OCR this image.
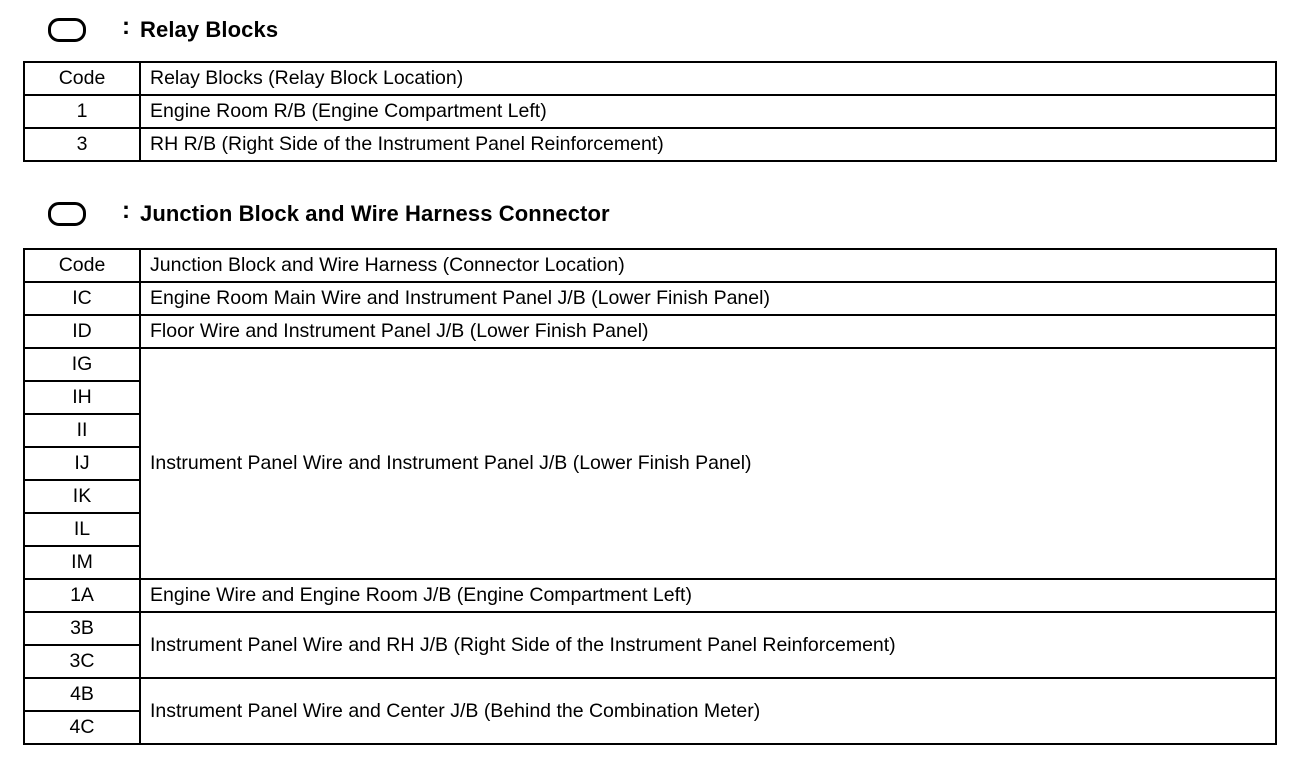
: Relay Blocks
Code	Relay Blocks (Relay Block Location)
1	Engine Room R/B (Engine Compartment Left)
3	RH R/B (Right Side of the Instrument Panel Reinforcement)
: Junction Block and Wire Harness Connector
Code	Junction Block and Wire Harness (Connector Location)
IC	Engine Room Main Wire and Instrument Panel J/B (Lower Finish Panel)
ID	Floor Wire and Instrument Panel J/B (Lower Finish Panel)
IG	Instrument Panel Wire and Instrument Panel J/B (Lower Finish Panel)
IH	
II	
IJ	
IK	
IL	
IM	
1A	Engine Wire and Engine Room J/B (Engine Compartment Left)
3B	Instrument Panel Wire and RH J/B (Right Side of the Instrument Panel Reinforcement)
3C	
4B	Instrument Panel Wire and Center J/B (Behind the Combination Meter)
4C	
